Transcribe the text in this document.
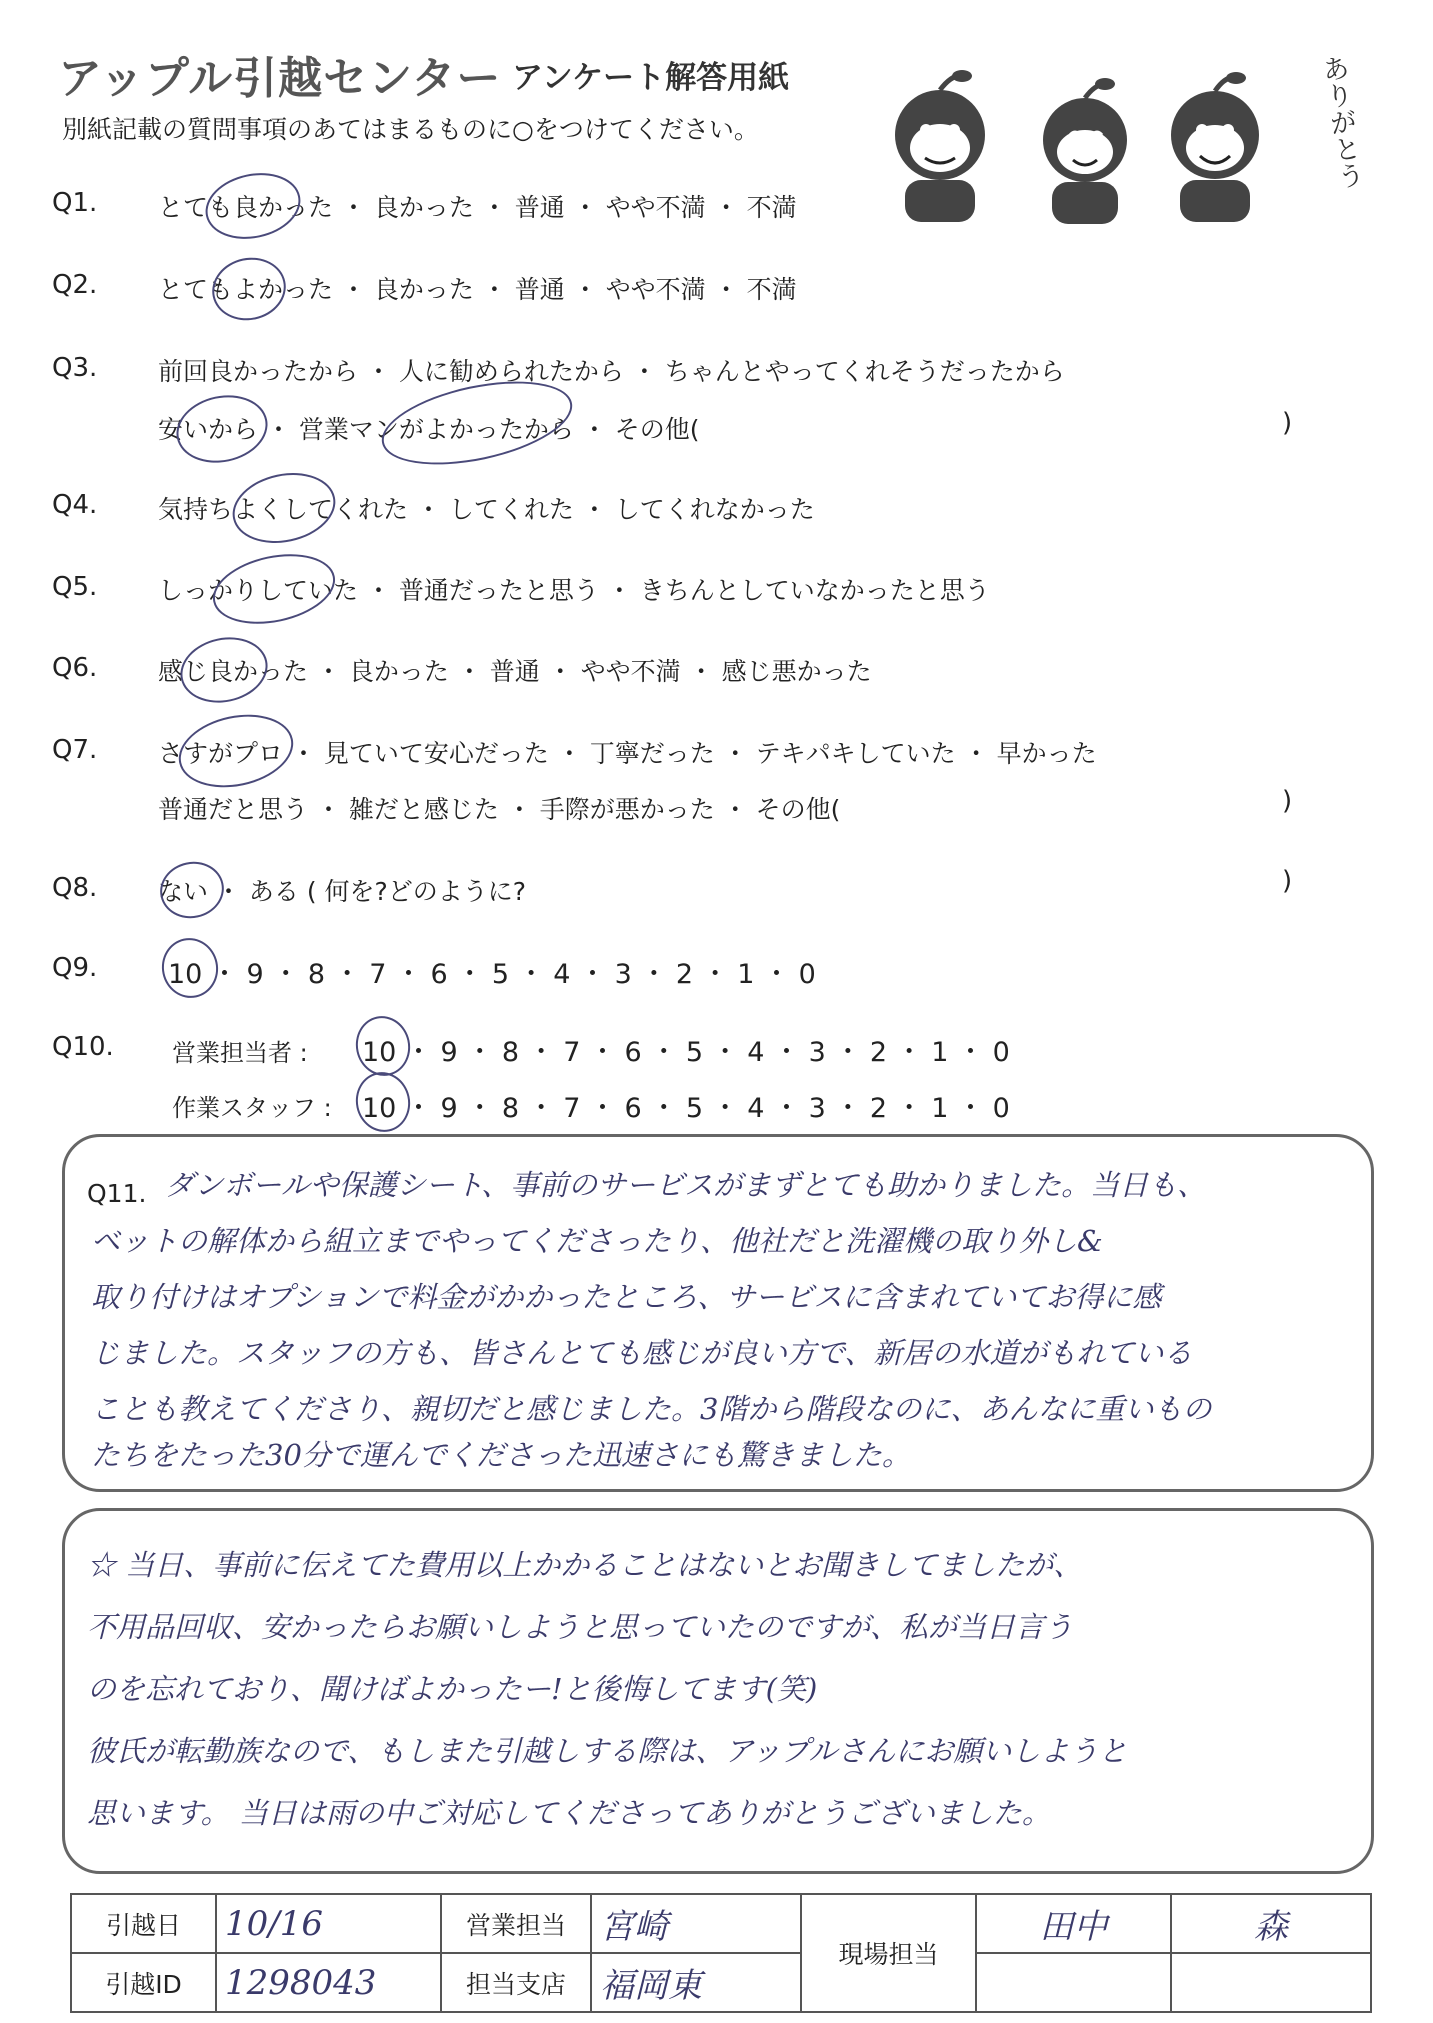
アップル引越センター アンケート解答用紙
別紙記載の質問事項のあてはまるものに○をつけてください。	ありがとう
Q1. とても良かった ・ 良かった ・ 普通 ・ やや不満 ・ 不満
Q2. とてもよかった ・ 良かった ・ 普通 ・ やや不満 ・ 不満
Q3. 前回良かったから ・ 人に勧められたから ・ ちゃんとやってくれそうだったから
安いから ・ 営業マンがよかったから ・ その他(	)
Q4. 気持ちよくしてくれた ・ してくれた ・ してくれなかった
Q5. しっかりしていた ・ 普通だったと思う ・ きちんとしていなかったと思う
Q6. 感じ良かった ・ 良かった ・ 普通 ・ やや不満 ・ 感じ悪かった
Q7. さすがプロ ・ 見ていて安心だった ・ 丁寧だった ・ テキパキしていた ・ 早かった
普通だと思う ・ 雑だと感じた ・ 手際が悪かった ・ その他(	)
Q8. ない ・ ある ( 何を?どのように?	)
Q9.	10 ・ 9 ・ 8 ・ 7 ・ 6 ・ 5 ・ 4 ・ 3 ・ 2 ・ 1 ・ 0
Q10. 営業担当者 : 10 ・ 9 ・ 8 ・ 7 ・ 6 ・ 5 ・ 4 ・ 3 ・ 2 ・ 1 ・ 0
作業スタッフ : 10 ・ 9 ・ 8 ・ 7 ・ 6 ・ 5 ・ 4 ・ 3 ・ 2 ・ 1 ・ 0
Q11. ダンボールや保護シート、事前のサービスがまずとても助かりました。当日も、
ベットの解体から組立までやってくださったり、他社だと洗濯機の取り外し&
取り付けはオプションで料金がかかったところ、サービスに含まれていてお得に感
じました。スタッフの方も、皆さんとても感じが良い方で、新居の水道がもれている
ことも教えてくださり、親切だと感じました。3階から階段なのに、あんなに重いもの
たちをたった30分で運んでくださった迅速さにも驚きました。
☆ 当日、事前に伝えてた費用以上かかることはないとお聞きしてましたが、
不用品回収、安かったらお願いしようと思っていたのですが、私が当日言う
のを忘れており、聞けばよかったー!と後悔してます(笑)
彼氏が転勤族なので、もしまた引越しする際は、アップルさんにお願いしようと
思います。 当日は雨の中ご対応してくださってありがとうございました。
引越日	10/16	営業担当	宮崎	現場担当	田中	森
引越ID	1298043	担当支店	福岡東			
